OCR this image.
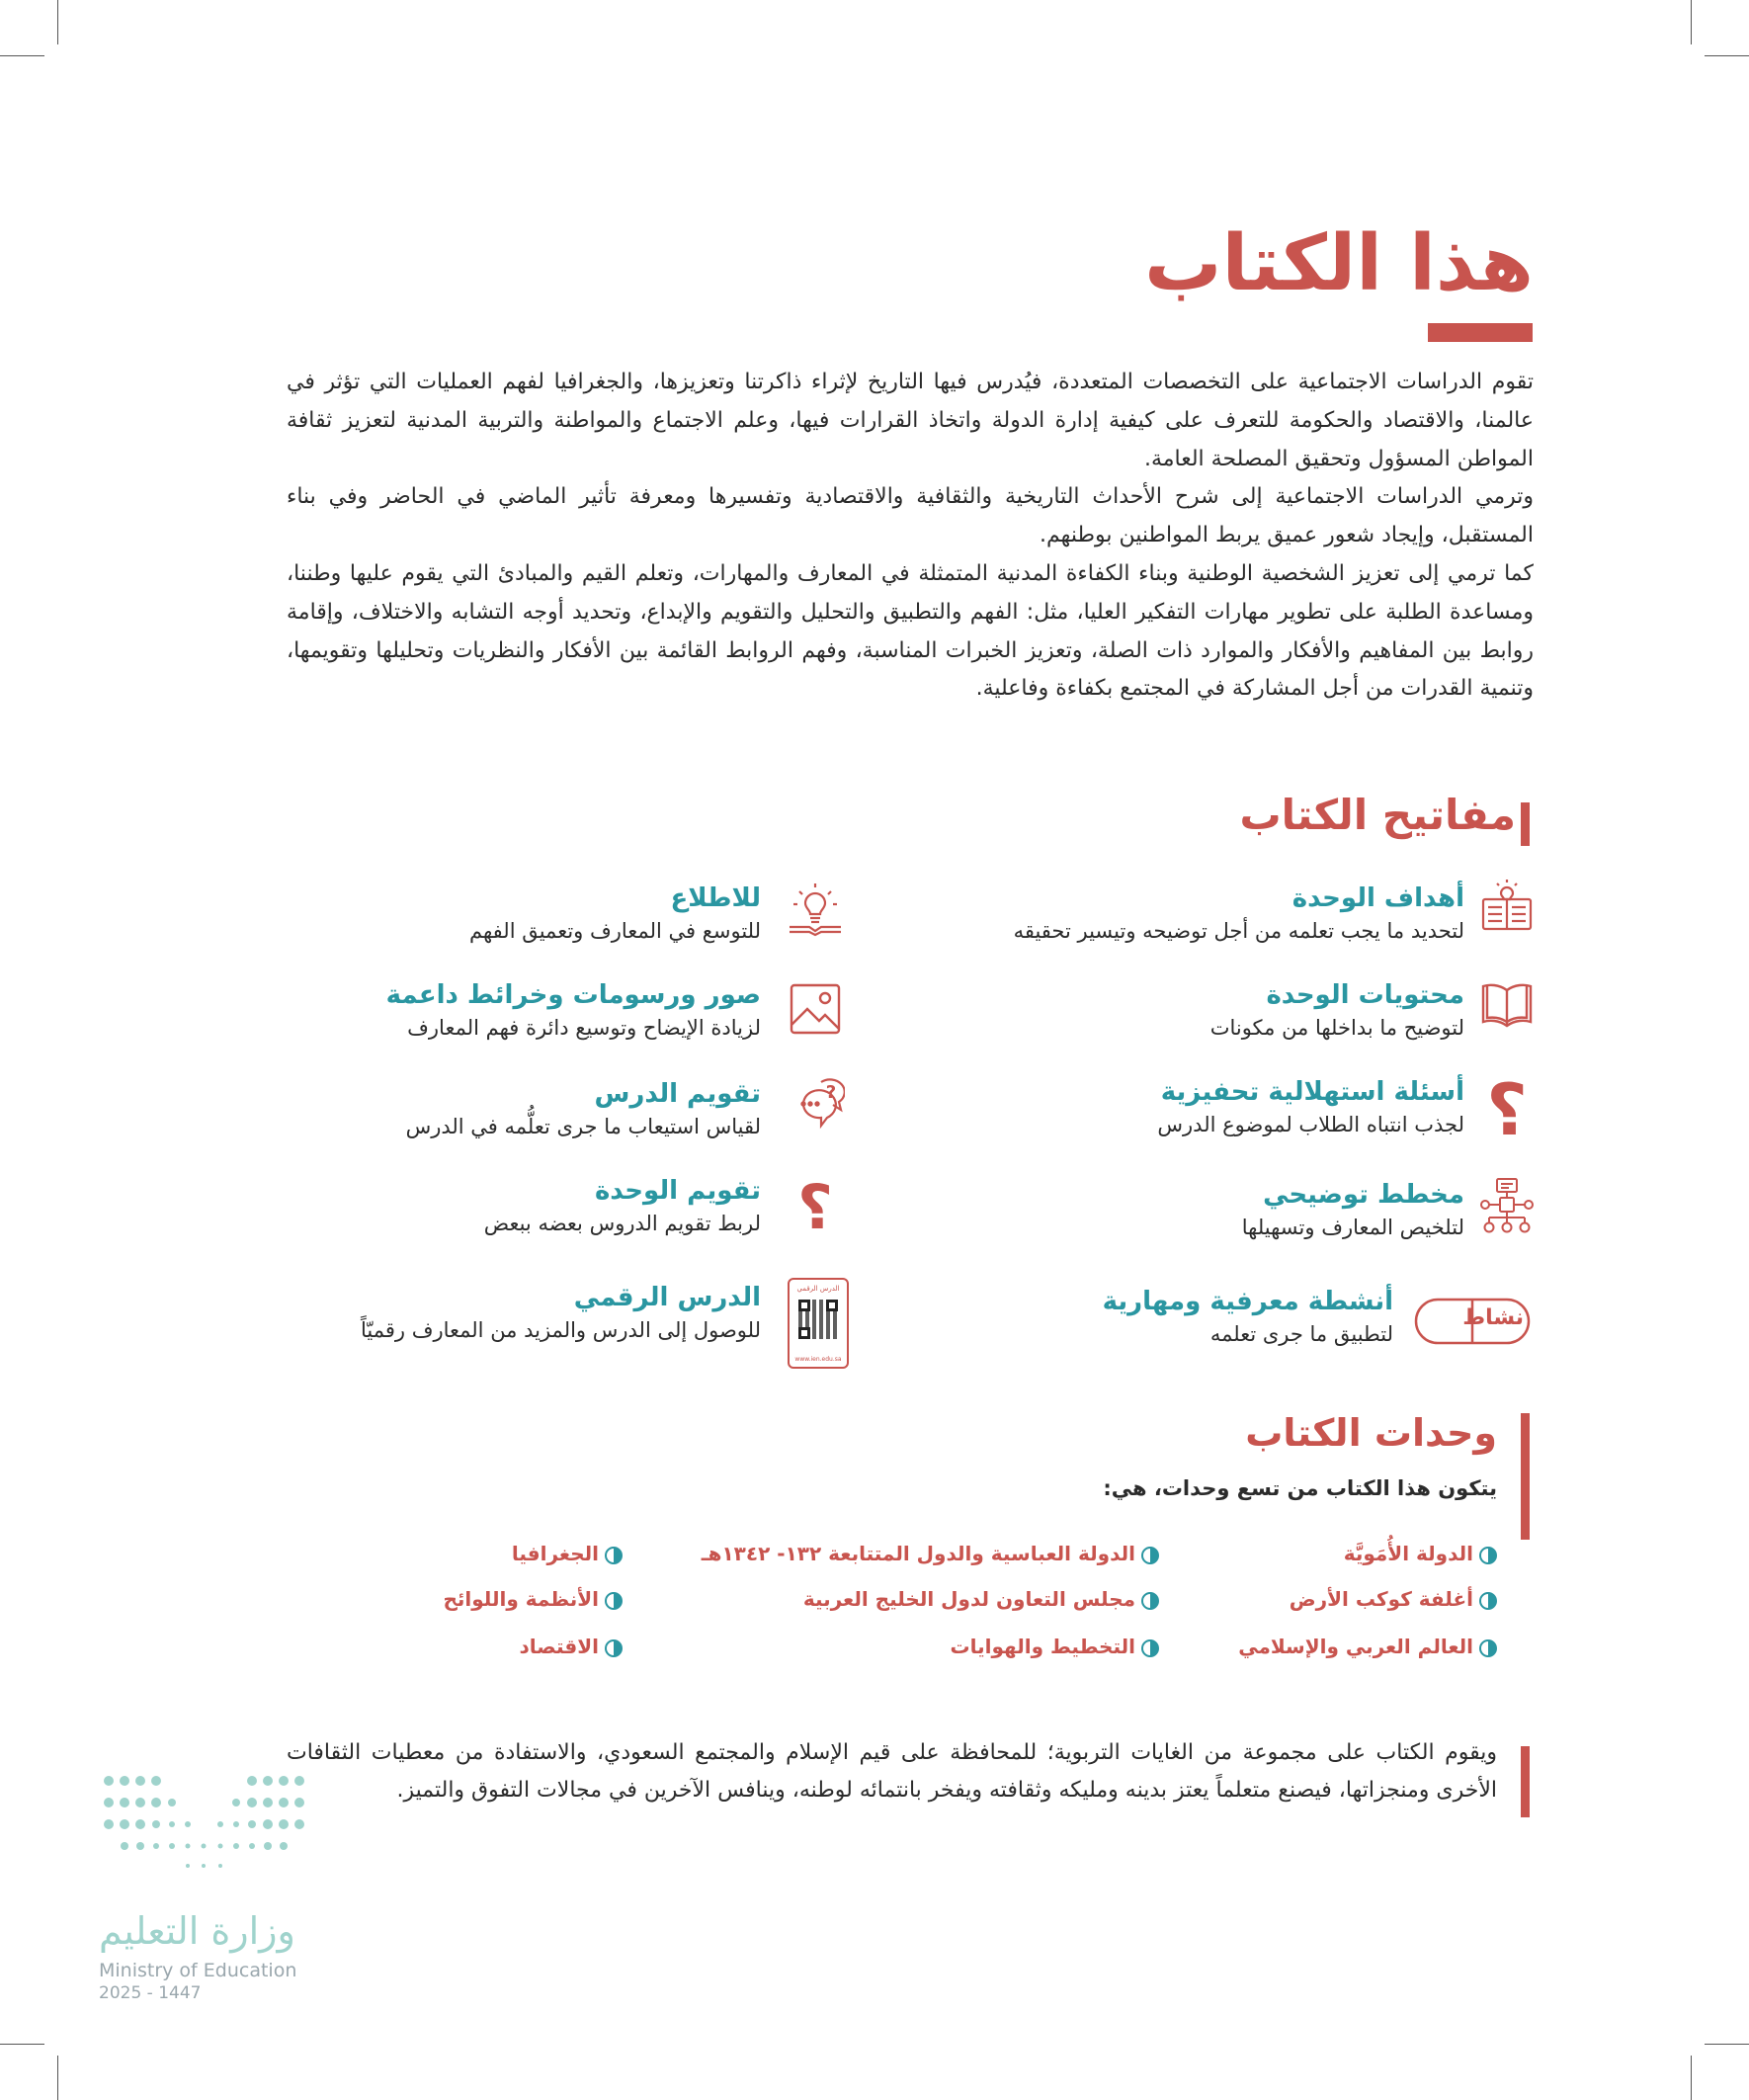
هذا الكتاب

تقوم الدراسات الاجتماعية على التخصصات المتعددة، فيُدرس فيها التاريخ لإثراء ذاكرتنا وتعزيزها، والجغرافيا لفهم العمليات التي تؤثر في عالمنا، والاقتصاد والحكومة للتعرف على كيفية إدارة الدولة واتخاذ القرارات فيها، وعلم الاجتماع والمواطنة والتربية المدنية لتعزيز ثقافة المواطن المسؤول وتحقيق المصلحة العامة.

وترمي الدراسات الاجتماعية إلى شرح الأحداث التاريخية والثقافية والاقتصادية وتفسيرها ومعرفة تأثير الماضي في الحاضر وفي بناء المستقبل، وإيجاد شعور عميق يربط المواطنين بوطنهم.

كما ترمي إلى تعزيز الشخصية الوطنية وبناء الكفاءة المدنية المتمثلة في المعارف والمهارات، وتعلم القيم والمبادئ التي يقوم عليها وطننا، ومساعدة الطلبة على تطوير مهارات التفكير العليا، مثل: الفهم والتطبيق والتحليل والتقويم والإبداع، وتحديد أوجه التشابه والاختلاف، وإقامة روابط بين المفاهيم والأفكار والموارد ذات الصلة، وتعزيز الخبرات المناسبة، وفهم الروابط القائمة بين الأفكار والنظريات وتحليلها وتقويمها، وتنمية القدرات من أجل المشاركة في المجتمع بكفاءة وفاعلية.

مفاتيح الكتاب
أهداف الوحدة
لتحديد ما يجب تعلمه من أجل توضيحه وتيسير تحقيقه
محتويات الوحدة
لتوضيح ما بداخلها من مكونات
؟
أسئلة استهلالية تحفيزية
لجذب انتباه الطلاب لموضوع الدرس
مخطط توضيحي
لتلخيص المعارف وتسهيلها
نشاط
أنشطة معرفية ومهارية
لتطبيق ما جرى تعلمه
للاطلاع
للتوسع في المعارف وتعميق الفهم
صور ورسومات وخرائط داعمة
لزيادة الإيضاح وتوسيع دائرة فهم المعارف
?
تقويم الدرس
لقياس استيعاب ما جرى تعلُّمه في الدرس
؟
تقويم الوحدة
لربط تقويم الدروس بعضه ببعض
الدرس الرقمي
www.ien.edu.sa
الدرس الرقمي
للوصول إلى الدرس والمزيد من المعارف رقميّاً
وحدات الكتاب
يتكون هذا الكتاب من تسع وحدات، هي:
الدولة الأُمَويَّة
الدولة العباسية والدول المتتابعة ١٣٢- ١٣٤٢هـ
الجغرافيا
أغلفة كوكب الأرض
مجلس التعاون لدول الخليج العربية
الأنظمة واللوائح
العالم العربي والإسلامي
التخطيط والهوايات
الاقتصاد

ويقوم الكتاب على مجموعة من الغايات التربوية؛ للمحافظة على قيم الإسلام والمجتمع السعودي، والاستفادة من معطيات الثقافات الأخرى ومنجزاتها، فيصنع متعلماً يعتز بدينه ومليكه وثقافته ويفخر بانتمائه لوطنه، وينافس الآخرين في مجالات التفوق والتميز.

وزارة التعليم
Ministry of Education
2025 - 1447
